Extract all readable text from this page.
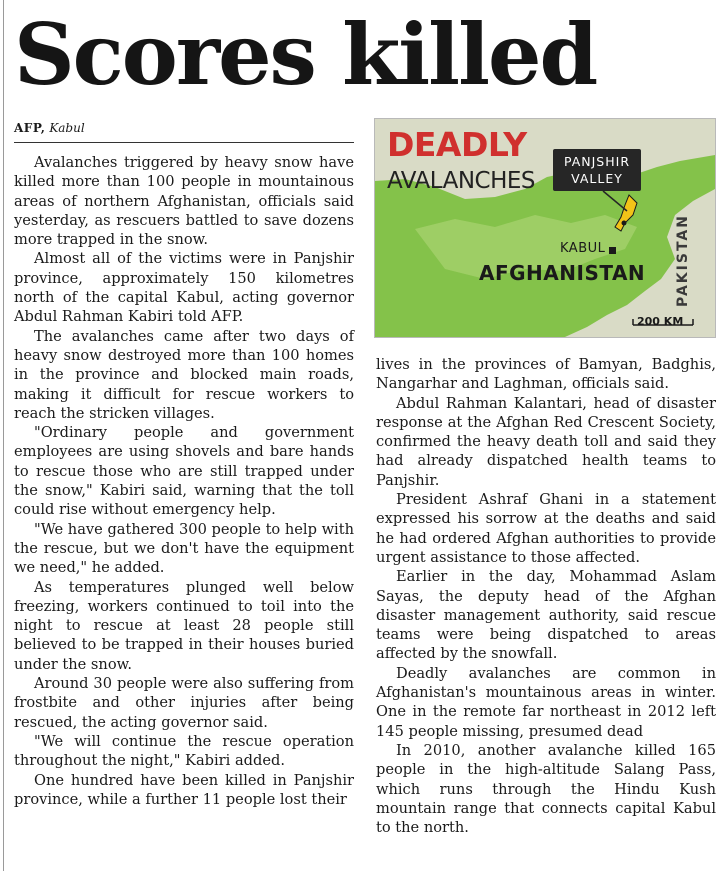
Scores killed
AFP, Kabul

Avalanches triggered by heavy snow have killed more than 100 people in mountainous areas of northern Afghanistan, officials said yesterday, as rescuers battled to save dozens more trapped in the snow.

Almost all of the victims were in Panjshir province, approximately 150 kilometres north of the capital Kabul, acting governor Abdul Rahman Kabiri told AFP.

The avalanches came after two days of heavy snow destroyed more than 100 homes in the province and blocked main roads, making it difficult for rescue workers to reach the stricken villages.

"Ordinary people and government employees are using shovels and bare hands to rescue those who are still trapped under the snow," Kabiri said, warning that the toll could rise without emergency help.

"We have gathered 300 people to help with the rescue, but we don't have the equipment we need," he added.

As temperatures plunged well below freezing, workers continued to toil into the night to rescue at least 28 people still believed to be trapped in their houses buried under the snow.

Around 30 people were also suffering from frostbite and other injuries after being rescued, the acting governor said.

"We will continue the rescue operation throughout the night," Kabiri added.

One hundred have been killed in Panjshir province, while a further 11 people lost their

DEADLY
AVALANCHES
PANJSHIR
VALLEY
KABUL
AFGHANISTAN PAKISTAN
200 KM

lives in the provinces of Bamyan, Badghis, Nangarhar and Laghman, officials said.

Abdul Rahman Kalantari, head of disaster response at the Afghan Red Crescent Society, confirmed the heavy death toll and said they had already dispatched health teams to Panjshir.

President Ashraf Ghani in a statement expressed his sorrow at the deaths and said he had ordered Afghan authorities to provide urgent assistance to those affected.

Earlier in the day, Mohammad Aslam Sayas, the deputy head of the Afghan disaster management authority, said rescue teams were being dispatched to areas affected by the snowfall.

Deadly avalanches are common in Afghanistan's mountainous areas in winter. One in the remote far northeast in 2012 left 145 people missing, presumed dead

In 2010, another avalanche killed 165 people in the high-altitude Salang Pass, which runs through the Hindu Kush mountain range that connects capital Kabul to the north.
